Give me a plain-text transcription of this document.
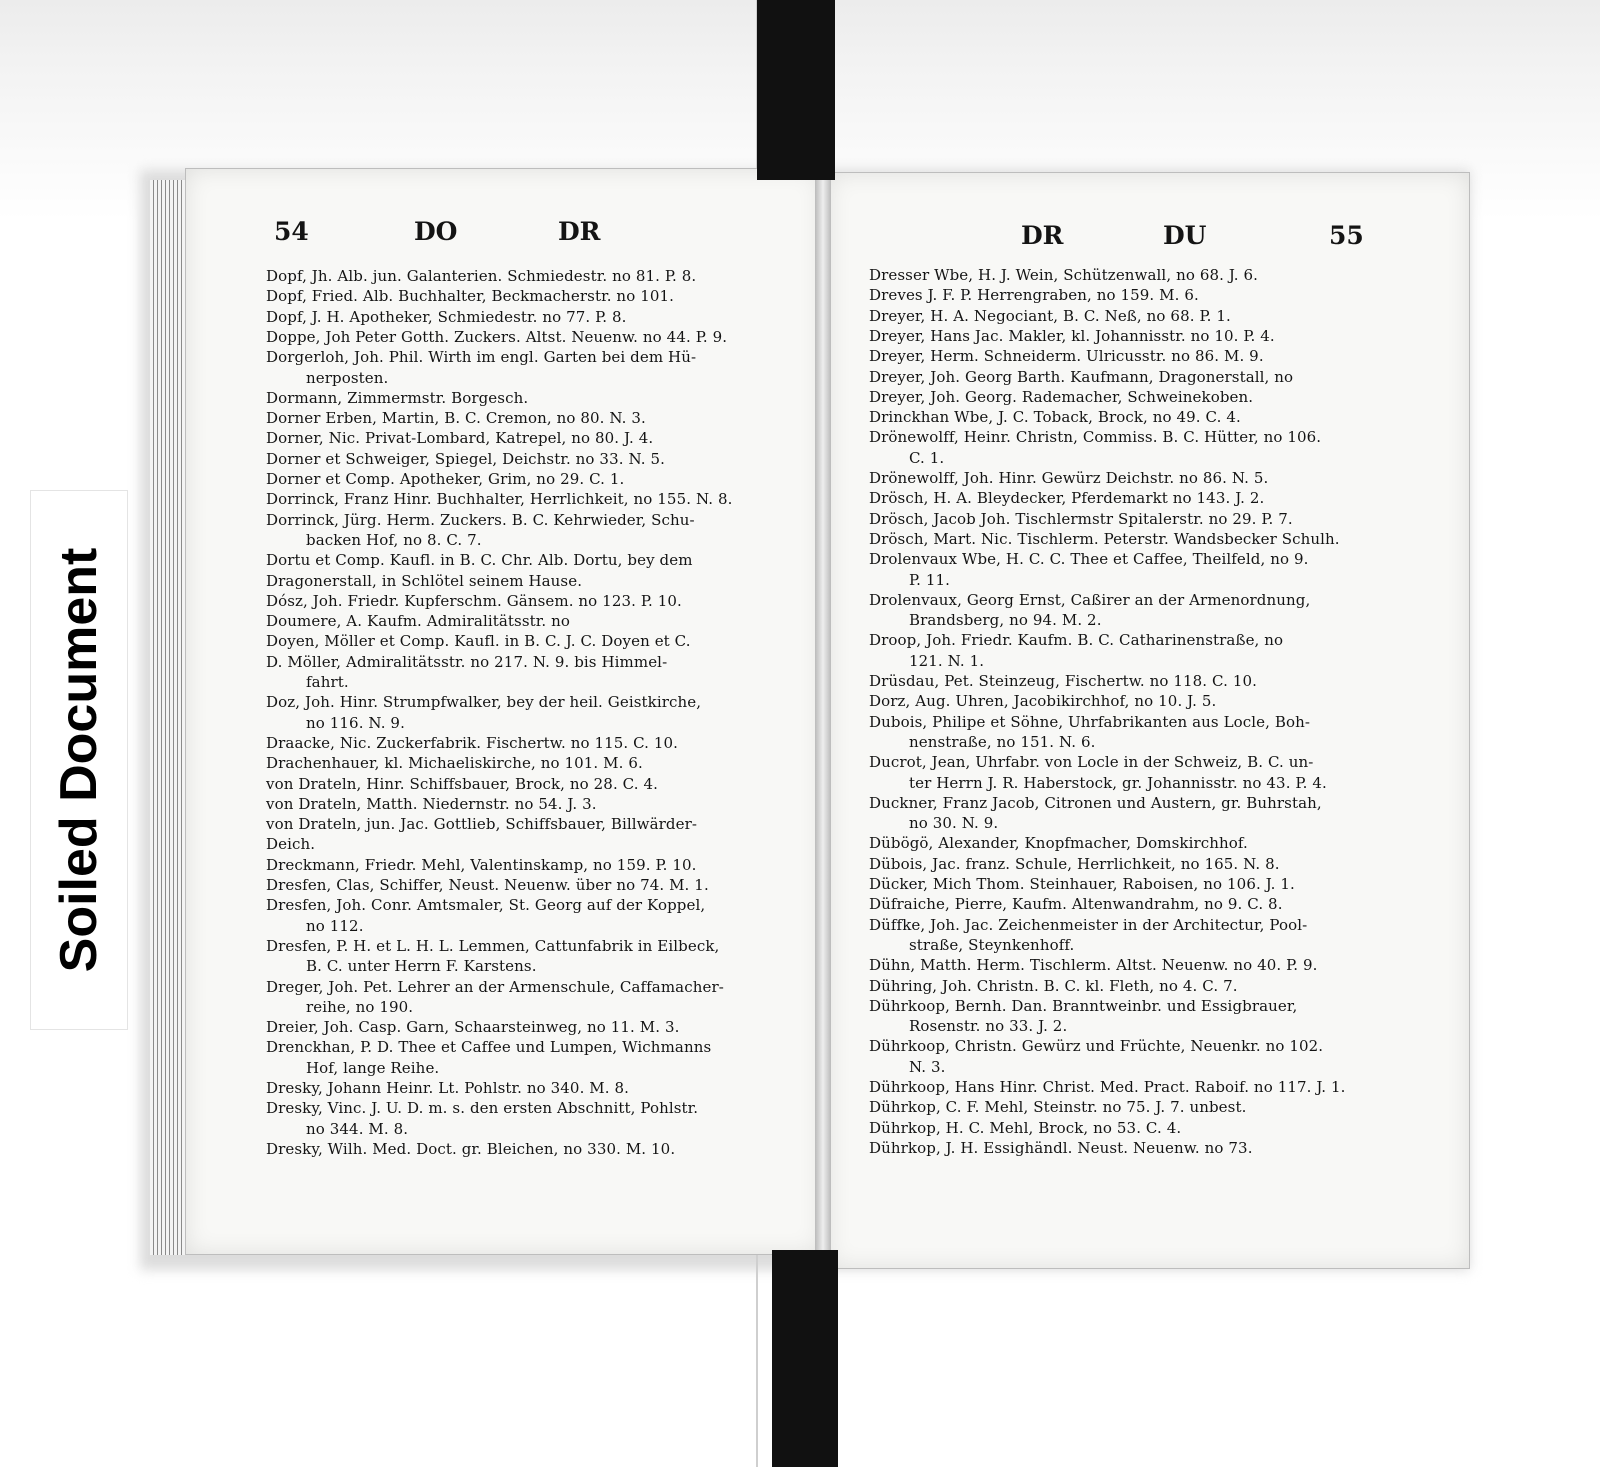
54	DO	DR
Dopf, Jh. Alb. jun. Galanterien. Schmiedestr. no 81. P. 8.
Dopf, Fried. Alb. Buchhalter, Beckmacherstr. no 101.
Dopf, J. H. Apotheker, Schmiedestr. no 77. P. 8.
Doppe, Joh Peter Gotth. Zuckers. Altst. Neuenw. no 44. P. 9.
Dorgerloh, Joh. Phil. Wirth im engl. Garten bei dem Hü-
nerposten.
Dormann, Zimmermstr. Borgesch.
Dorner Erben, Martin, B. C. Cremon, no 80. N. 3.
Dorner, Nic. Privat-Lombard, Katrepel, no 80. J. 4.
Dorner et Schweiger, Spiegel, Deichstr. no 33. N. 5.
Dorner et Comp. Apotheker, Grim, no 29. C. 1.
Dorrinck, Franz Hinr. Buchhalter, Herrlichkeit, no 155. N. 8.
Dorrinck, Jürg. Herm. Zuckers. B. C. Kehrwieder, Schu-
backen Hof, no 8. C. 7.
Dortu et Comp. Kaufl. in B. C. Chr. Alb. Dortu, bey dem
Dragonerstall, in Schlötel seinem Hause.
Dósz, Joh. Friedr. Kupferschm. Gänsem. no 123. P. 10.
Doumere, A. Kaufm. Admiralitätsstr. no
Doyen, Möller et Comp. Kaufl. in B. C. J. C. Doyen et C.
D. Möller, Admiralitätsstr. no 217. N. 9. bis Himmel-
fahrt.
Doz, Joh. Hinr. Strumpfwalker, bey der heil. Geistkirche,
no 116. N. 9.
Draacke, Nic. Zuckerfabrik. Fischertw. no 115. C. 10.
Drachenhauer, kl. Michaeliskirche, no 101. M. 6.
von Drateln, Hinr. Schiffsbauer, Brock, no 28. C. 4.
von Drateln, Matth. Niedernstr. no 54. J. 3.
von Drateln, jun. Jac. Gottlieb, Schiffsbauer, Billwärder-
Deich.
Dreckmann, Friedr. Mehl, Valentinskamp, no 159. P. 10.
Dresfen, Clas, Schiffer, Neust. Neuenw. über no 74. M. 1.
Dresfen, Joh. Conr. Amtsmaler, St. Georg auf der Koppel,
no 112.
Dresfen, P. H. et L. H. L. Lemmen, Cattunfabrik in Eilbeck,
B. C. unter Herrn F. Karstens.
Dreger, Joh. Pet. Lehrer an der Armenschule, Caffamacher-
reihe, no 190.
Dreier, Joh. Casp. Garn, Schaarsteinweg, no 11. M. 3.
Drenckhan, P. D. Thee et Caffee und Lumpen, Wichmanns
Hof, lange Reihe.
Dresky, Johann Heinr. Lt. Pohlstr. no 340. M. 8.
Dresky, Vinc. J. U. D. m. s. den ersten Abschnitt, Pohlstr.
no 344. M. 8.
Dresky, Wilh. Med. Doct. gr. Bleichen, no 330. M. 10.
DR	DU	55
Dresser Wbe, H. J. Wein, Schützenwall, no 68. J. 6.
Dreves J. F. P. Herrengraben, no 159. M. 6.
Dreyer, H. A. Negociant, B. C. Neß, no 68. P. 1.
Dreyer, Hans Jac. Makler, kl. Johannisstr. no 10. P. 4.
Dreyer, Herm. Schneiderm. Ulricusstr. no 86. M. 9.
Dreyer, Joh. Georg Barth. Kaufmann, Dragonerstall, no
Dreyer, Joh. Georg. Rademacher, Schweinekoben.
Drinckhan Wbe, J. C. Toback, Brock, no 49. C. 4.
Drönewolff, Heinr. Christn, Commiss. B. C. Hütter, no 106.
C. 1.
Drönewolff, Joh. Hinr. Gewürz Deichstr. no 86. N. 5.
Drösch, H. A. Bleydecker, Pferdemarkt no 143. J. 2.
Drösch, Jacob Joh. Tischlermstr Spitalerstr. no 29. P. 7.
Drösch, Mart. Nic. Tischlerm. Peterstr. Wandsbecker Schulh.
Drolenvaux Wbe, H. C. C. Thee et Caffee, Theilfeld, no 9.
P. 11.
Drolenvaux, Georg Ernst, Caßirer an der Armenordnung,
Brandsberg, no 94. M. 2.
Droop, Joh. Friedr. Kaufm. B. C. Catharinenstraße, no
121. N. 1.
Drüsdau, Pet. Steinzeug, Fischertw. no 118. C. 10.
Dorz, Aug. Uhren, Jacobikirchhof, no 10. J. 5.
Dubois, Philipe et Söhne, Uhrfabrikanten aus Locle, Boh-
nenstraße, no 151. N. 6.
Ducrot, Jean, Uhrfabr. von Locle in der Schweiz, B. C. un-
ter Herrn J. R. Haberstock, gr. Johannisstr. no 43. P. 4.
Duckner, Franz Jacob, Citronen und Austern, gr. Buhrstah,
no 30. N. 9.
Dübögö, Alexander, Knopfmacher, Domskirchhof.
Dübois, Jac. franz. Schule, Herrlichkeit, no 165. N. 8.
Dücker, Mich Thom. Steinhauer, Raboisen, no 106. J. 1.
Düfraiche, Pierre, Kaufm. Altenwandrahm, no 9. C. 8.
Düffke, Joh. Jac. Zeichenmeister in der Architectur, Pool-
straße, Steynkenhoff.
Dühn, Matth. Herm. Tischlerm. Altst. Neuenw. no 40. P. 9.
Dühring, Joh. Christn. B. C. kl. Fleth, no 4. C. 7.
Dührkoop, Bernh. Dan. Branntweinbr. und Essigbrauer,
Rosenstr. no 33. J. 2.
Dührkoop, Christn. Gewürz und Früchte, Neuenkr. no 102.
N. 3.
Dührkoop, Hans Hinr. Christ. Med. Pract. Raboif. no 117. J. 1.
Dührkop, C. F. Mehl, Steinstr. no 75. J. 7. unbest.
Dührkop, H. C. Mehl, Brock, no 53. C. 4.
Dührkop, J. H. Essighändl. Neust. Neuenw. no 73.
Soiled Document
